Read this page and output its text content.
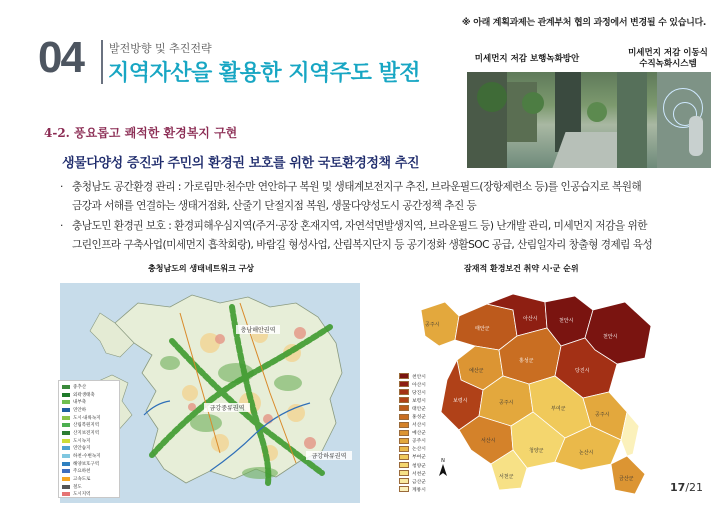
※ 아래 계획과제는 관계부처 협의 과정에서 변경될 수 있습니다.
04 발전방향 및 추진전략
지역자산을 활용한 지역주도 발전
미세먼지 저감 보행녹화방안
미세먼지 저감 이동식
수직녹화시스템
4-2. 풍요롭고 쾌적한 환경복지 구현
생물다양성 증진과 주민의 환경권 보호를 위한 국토환경정책 추진
· 충청남도 공간환경 관리 : 가로림만·천수만 연안하구 복원 및 생태계보전지구 추진, 브라운필드(장항제련소 등)를 인공습지로 복원해
금강과 서해를 연결하는 생태거점화, 산줄기 단절지점 복원, 생물다양성도시 공간정책 추진 등
· 충남도민 환경권 보호 : 환경피해우심지역(주거·공장 혼재지역, 자연석면발생지역, 브라운필드 등) 난개발 관리, 미세먼지 저감을 위한
그린인프라 구축사업(미세먼지 흡착회랑), 바람길 형성사업, 산림복지단지 등 공기정화 생활SOC 공급, 산림일자리 창출형 경제림 육성
충청남도의 생태네트워크 구상
충남해안권역
금강중류권역
금강하류권역
중추산
외곽생태축
내부축
연안하
도시·내륙녹지
산림복원지역
산지보전지역
도시녹지
연안습지
하천·수변녹지
해양보호구역
주요하천
고속도로
철도
도시지역
잠재적 환경보건 취약 시·군 순위
아산시	천안시
천안시
태안군
홍성군
당진시
보령시
공주시
예산군
공주시
부여군
공주시
서산시
청양군	논산시
서천군	금산군
N
천안시
아산시
당진시
보령시
태안군
홍성군
서산시
예산군
공주시
논산시
부여군
청양군
서천군
금산군
계룡시	17/21
